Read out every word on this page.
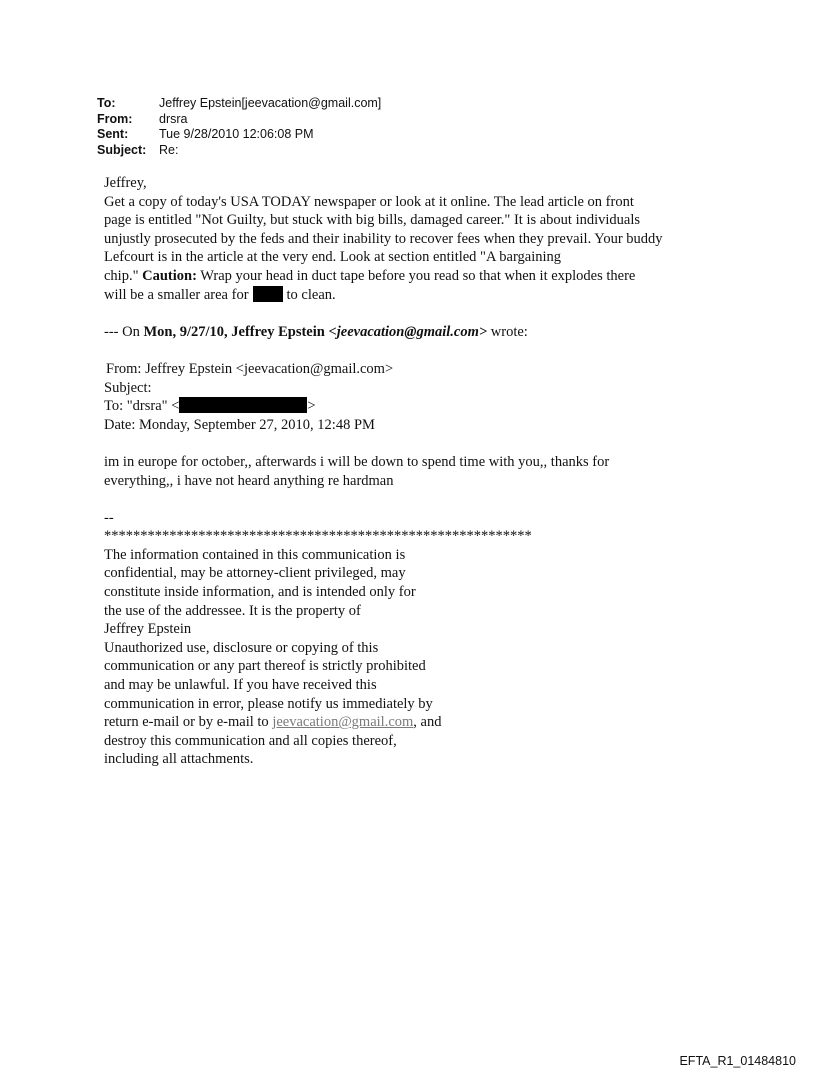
To:	Jeffrey Epstein[jeevacation@gmail.com]
From:	drsra
Sent:	Tue 9/28/2010 12:06:08 PM
Subject:	Re:
Jeffrey,
Get a copy of today's USA TODAY newspaper or look at it online. The lead article on front
page is entitled "Not Guilty, but stuck with big bills, damaged career." It is about individuals
unjustly prosecuted by the feds and their inability to recover fees when they prevail. Your buddy
Lefcourt is in the article at the very end. Look at section entitled "A bargaining
chip." Caution: Wrap your head in duct tape before you read so that when it explodes there
will be a smaller area for	to clean.
--- On Mon, 9/27/10, Jeffrey Epstein <jeevacation@gmail.com> wrote:
From: Jeffrey Epstein <jeevacation@gmail.com>
Subject:
To: "drsra" <	>
Date: Monday, September 27, 2010, 12:48 PM
im in europe for october,, afterwards i will be down to spend time with you,, thanks for
everything,, i have not heard anything re hardman
--
***********************************************************
The information contained in this communication is
confidential, may be attorney-client privileged, may
constitute inside information, and is intended only for
the use of the addressee. It is the property of
Jeffrey Epstein
Unauthorized use, disclosure or copying of this
communication or any part thereof is strictly prohibited
and may be unlawful. If you have received this
communication in error, please notify us immediately by
return e-mail or by e-mail to jeevacation@gmail.com, and
destroy this communication and all copies thereof,
including all attachments.
EFTA_R1_01484810
